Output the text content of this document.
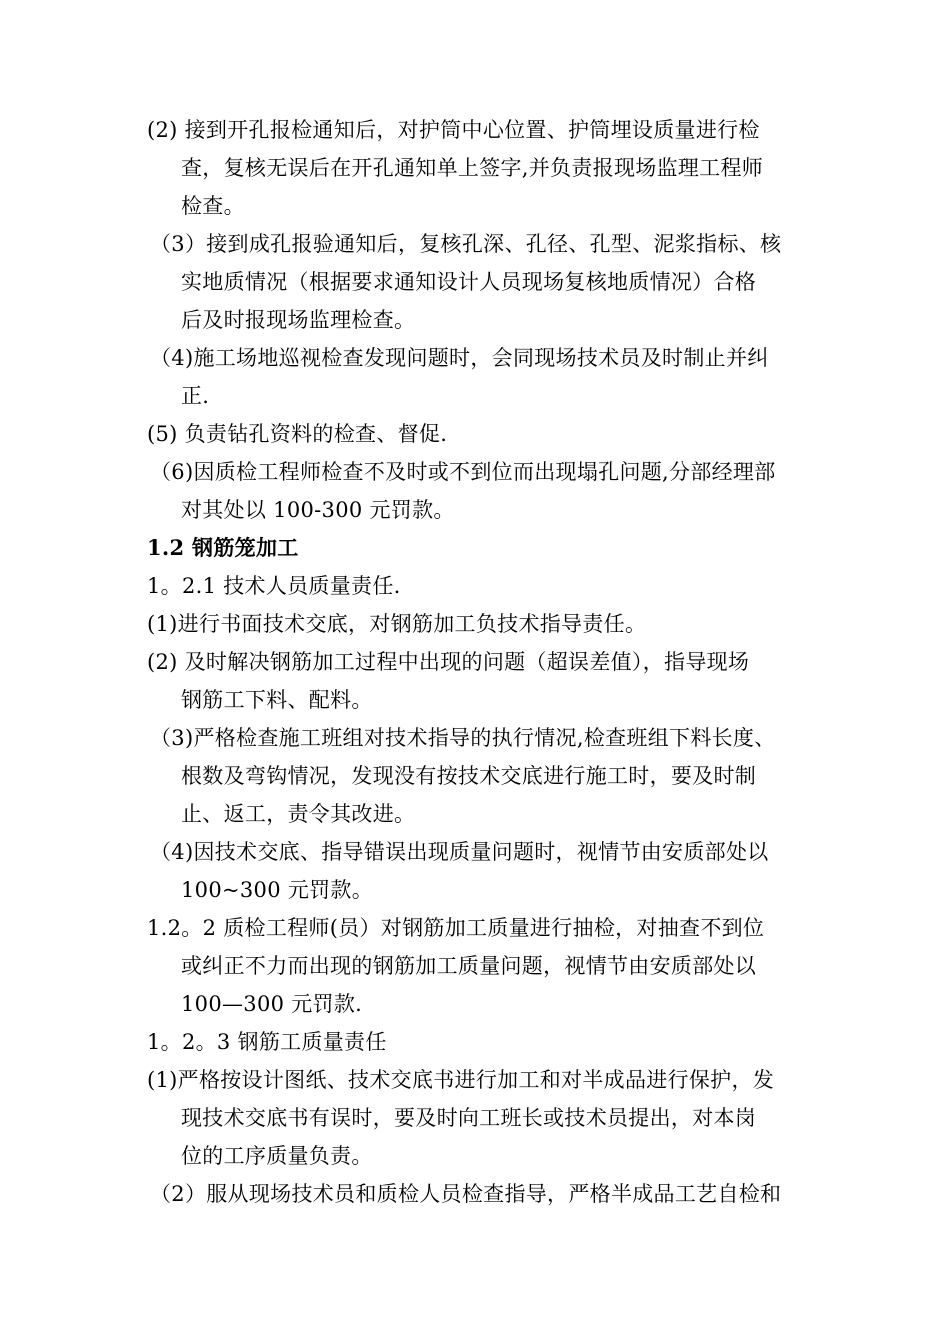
(2) 接到开孔报检通知后，对护筒中心位置、护筒埋设质量进行检
查，复核无误后在开孔通知单上签字,并负责报现场监理工程师
检查。
（3）接到成孔报验通知后，复核孔深、孔径、孔型、泥浆指标、核
实地质情况（根据要求通知设计人员现场复核地质情况）合格
后及时报现场监理检查。
（4)施工场地巡视检查发现问题时，会同现场技术员及时制止并纠
正.
(5) 负责钻孔资料的检查、督促.
（6)因质检工程师检查不及时或不到位而出现塌孔问题,分部经理部
对其处以 100-300 元罚款。
1.2 钢筋笼加工
1。2.1 技术人员质量责任.
(1)进行书面技术交底，对钢筋加工负技术指导责任。
(2) 及时解决钢筋加工过程中出现的问题（超误差值），指导现场
钢筋工下料、配料。
（3)严格检查施工班组对技术指导的执行情况,检查班组下料长度、
根数及弯钩情况，发现没有按技术交底进行施工时，要及时制
止、返工，责令其改进。
（4)因技术交底、指导错误出现质量问题时，视情节由安质部处以
100~300 元罚款。
1.2。2 质检工程师(员）对钢筋加工质量进行抽检，对抽查不到位
或纠正不力而出现的钢筋加工质量问题，视情节由安质部处以
100—300 元罚款.
1。2。3 钢筋工质量责任
(1)严格按设计图纸、技术交底书进行加工和对半成品进行保护，发
现技术交底书有误时，要及时向工班长或技术员提出，对本岗
位的工序质量负责。
（2）服从现场技术员和质检人员检查指导，严格半成品工艺自检和
